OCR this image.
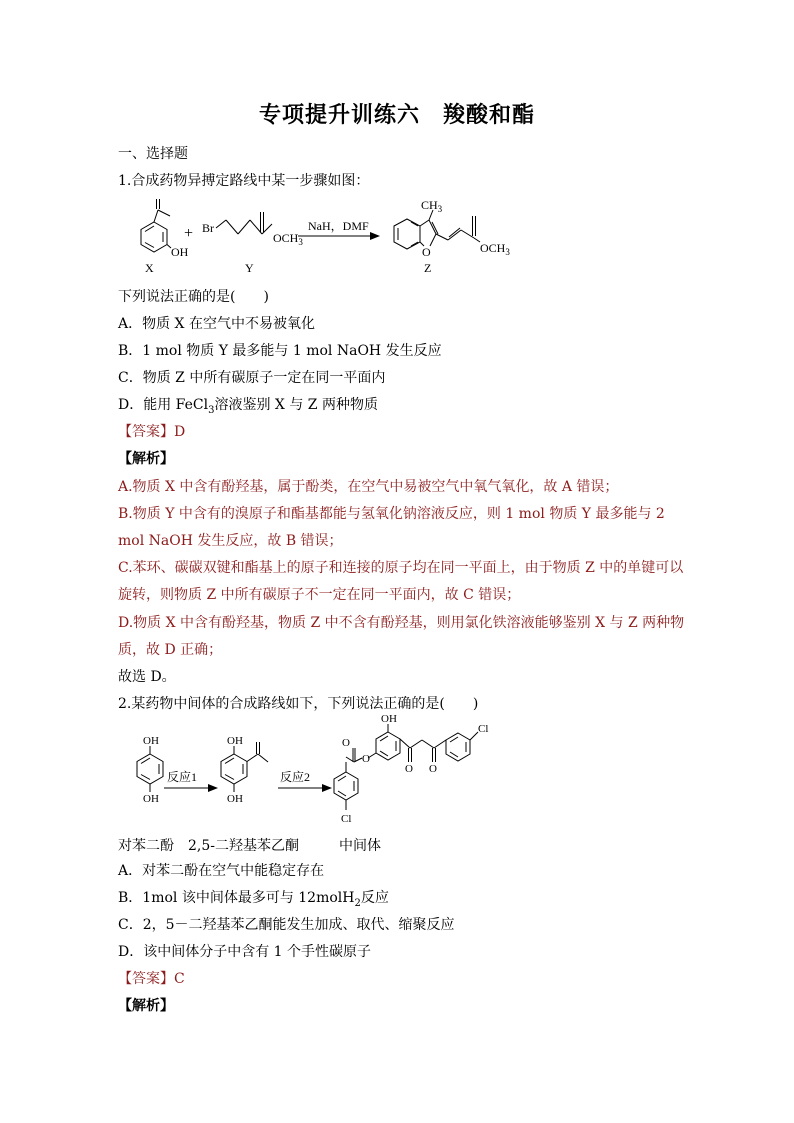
专项提升训练六　羧酸和酯
一、选择题
1.合成药物异搏定路线中某一步骤如图：
OH
+ Br
$OCH_3$
NaH，DMF
$CH_3$
O	$OCH_3$
X	Y	Z
下列说法正确的是(　　)
A．物质 X 在空气中不易被氧化
B．1 mol 物质 Y 最多能与 1 mol NaOH 发生反应
C．物质 Z 中所有碳原子一定在同一平面内
D．能用 FeCl$_3$溶液鉴别 X 与 Z 两种物质
【答案】D
【解析】
A.物质 X 中含有酚羟基，属于酚类，在空气中易被空气中氧气氧化，故 A 错误；
B.物质 Y 中含有的溴原子和酯基都能与氢氧化钠溶液反应，则 1 mol 物质 Y 最多能与 2
mol NaOH 发生反应，故 B 错误；
C.苯环、碳碳双键和酯基上的原子和连接的原子均在同一平面上，由于物质 Z 中的单键可以
旋转，则物质 Z 中所有碳原子不一定在同一平面内，故 C 错误；
D.物质 X 中含有酚羟基，物质 Z 中不含有酚羟基，则用氯化铁溶液能够鉴别 X 与 Z 两种物
质，故 D 正确；
故选 D。
2.某药物中间体的合成路线如下，下列说法正确的是(　　)
OH
OH
反应1
OH
OH
反应2
OH
O
O
O O
Cl
Cl
对苯二酚 2,5-二羟基苯乙酮	中间体
A．对苯二酚在空气中能稳定存在
B．1mol 该中间体最多可与 12molH$_2$反应
C．2，5－二羟基苯乙酮能发生加成、取代、缩聚反应
D．该中间体分子中含有 1 个手性碳原子
【答案】C
【解析】
